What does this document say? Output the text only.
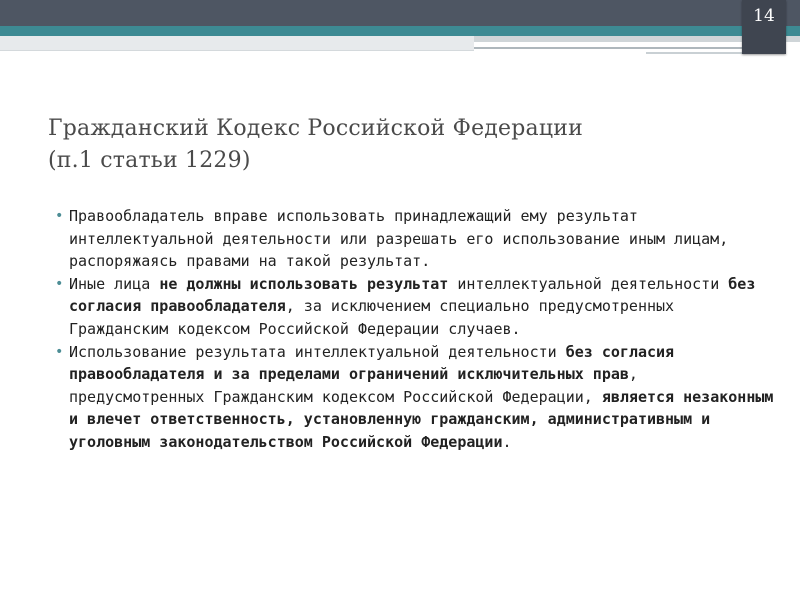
14
Гражданский Кодекс Российской Федерации
(п.1 статьи 1229)
• Правообладатель вправе использовать принадлежащий ему результат интеллектуальной деятельности или разрешать его использование иным лицам, распоряжаясь правами на такой результат.
• Иные лица не должны использовать результат интеллектуальной деятельности без согласия правообладателя, за исключением специально предусмотренных Гражданским кодексом Российской Федерации случаев.
• Использование результата интеллектуальной деятельности без согласия правообладателя и за пределами ограничений исключительных прав, предусмотренных Гражданским кодексом Российской Федерации, является незаконным и влечет ответственность, установленную гражданским, административным и уголовным законодательством Российской Федерации.
